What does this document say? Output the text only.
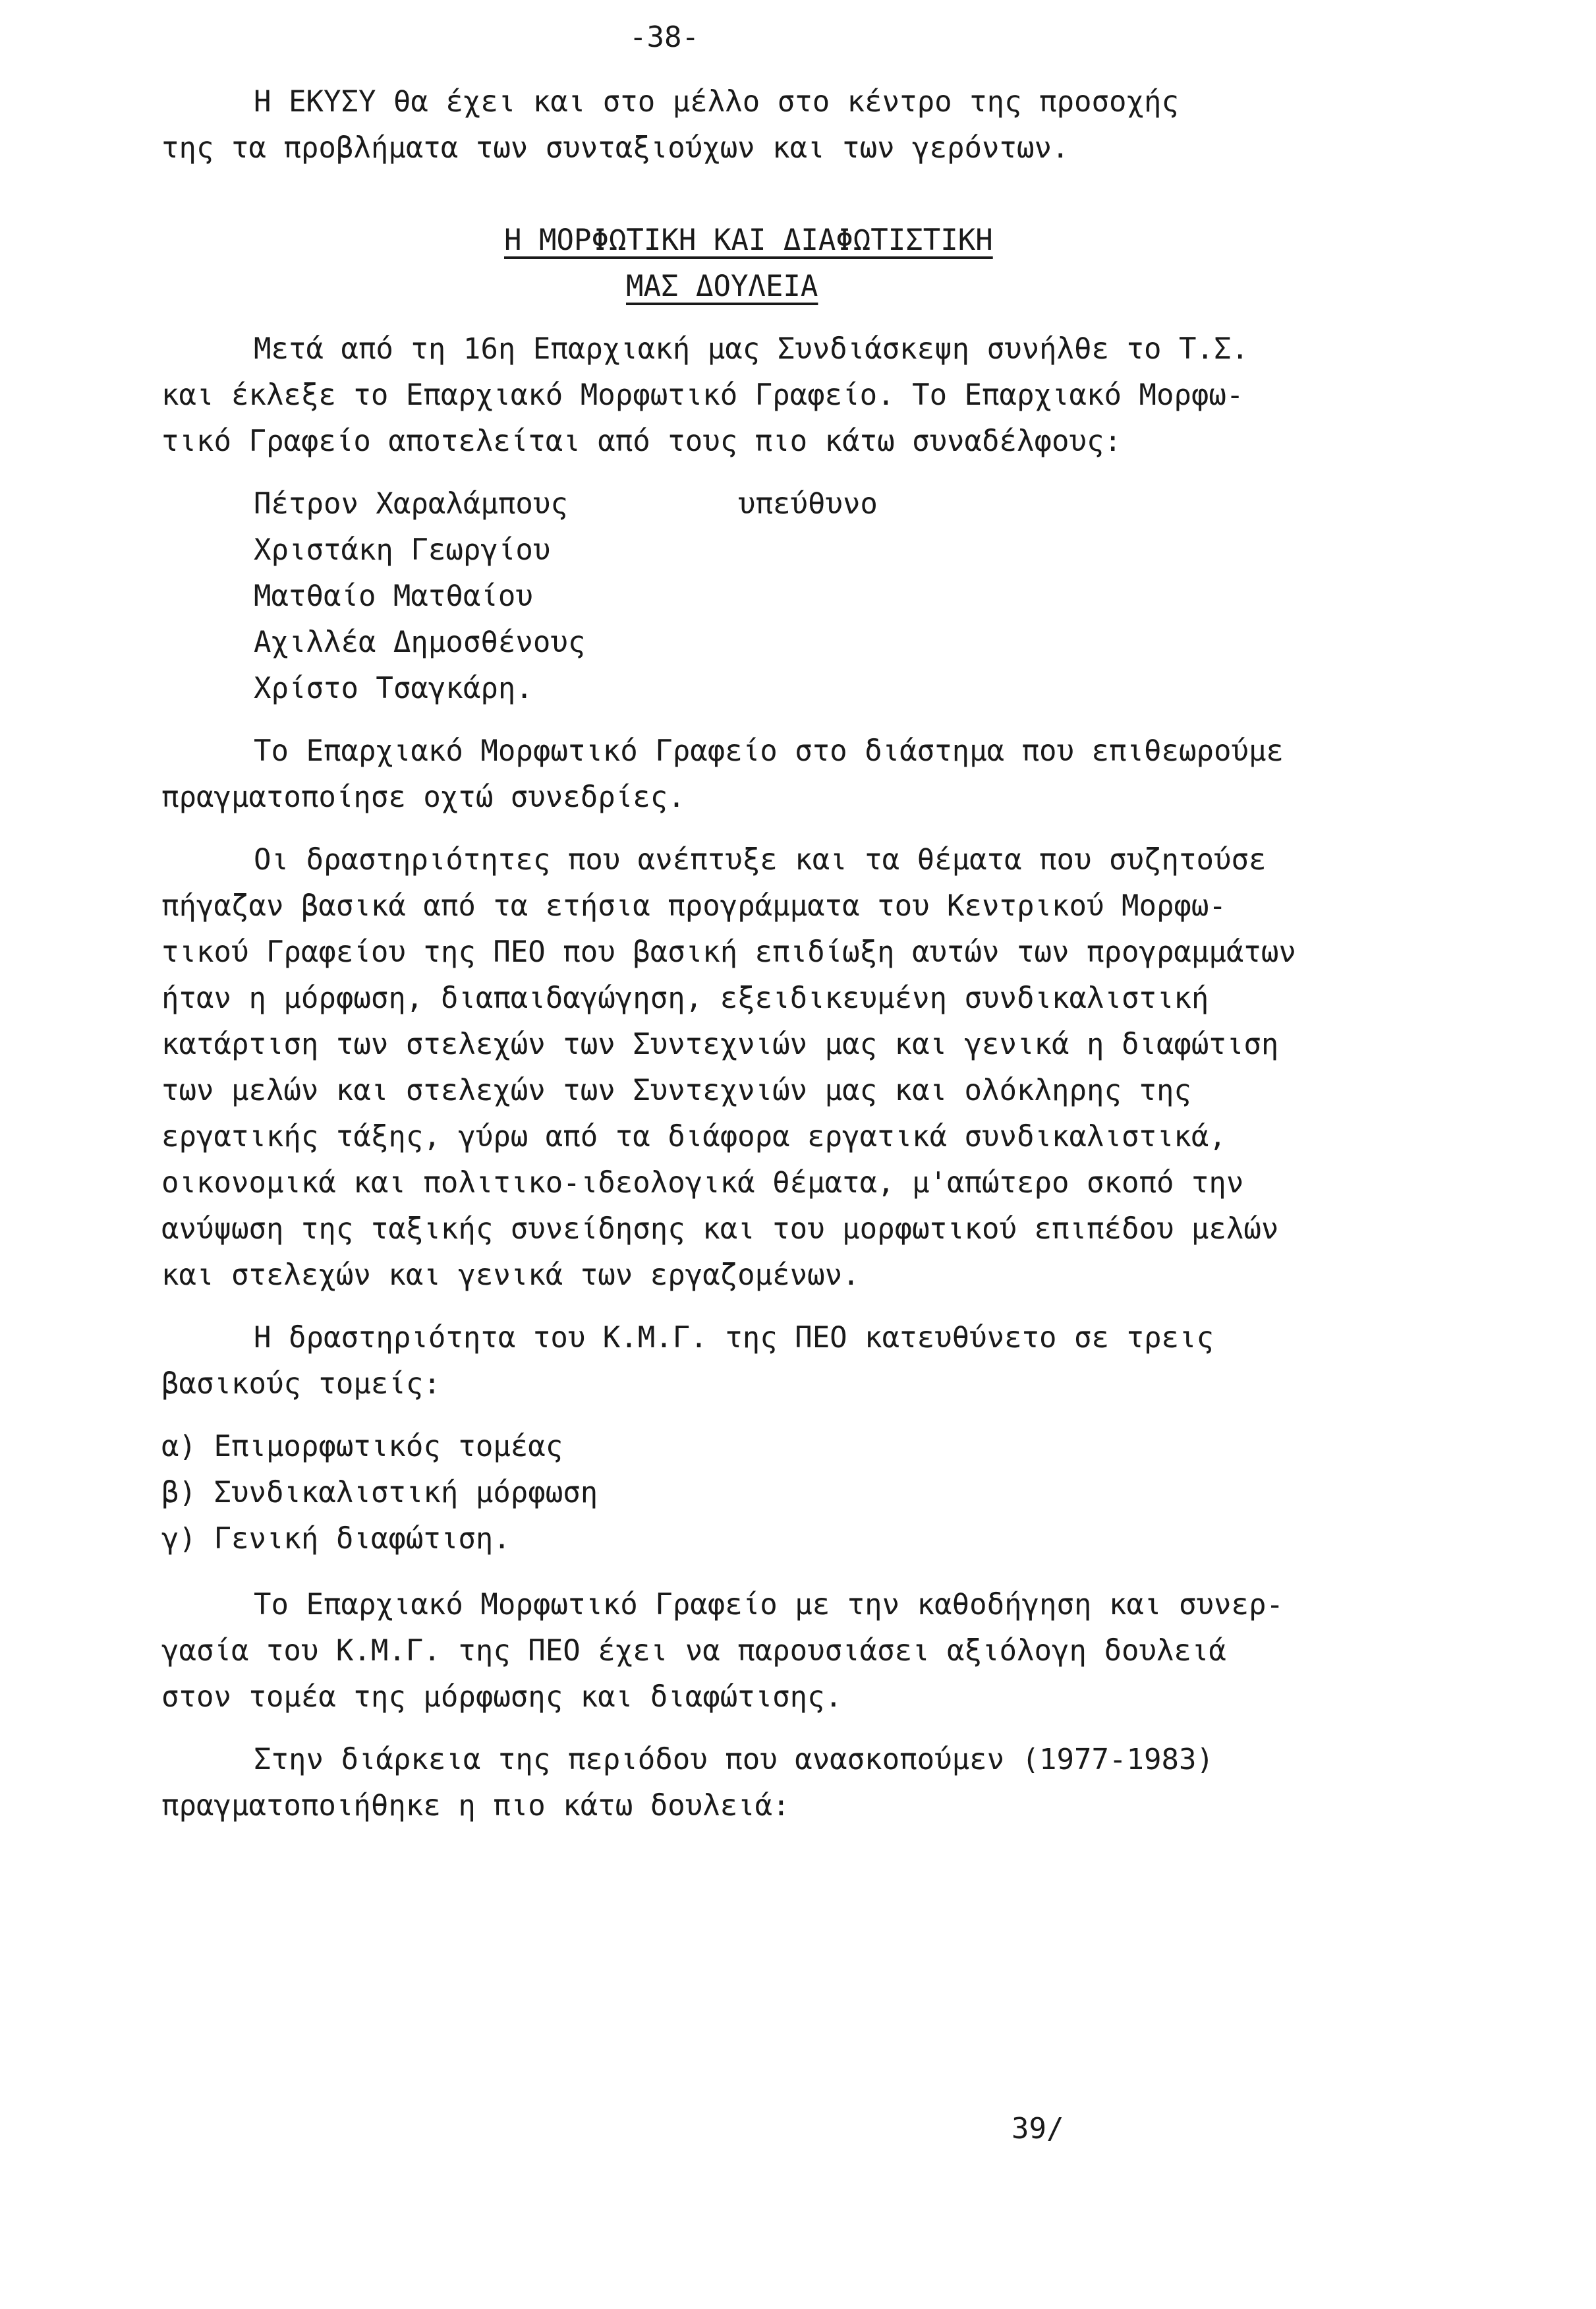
-38-
Η ΕΚΥΣΥ θα έχει και στο μέλλο στο κέντρο της προσοχής
της τα προβλήματα των συνταξιούχων και των γερόντων.
Η ΜΟΡΦΩΤΙΚΗ ΚΑΙ ΔΙΑΦΩΤΙΣΤΙΚΗ
ΜΑΣ ΔΟΥΛΕΙΑ
Μετά από τη 16η Επαρχιακή μας Συνδιάσκεψη συνήλθε το Τ.Σ.
και έκλεξε το Επαρχιακό Μορφωτικό Γραφείο. Το Επαρχιακό Μορφω-
τικό Γραφείο αποτελείται από τους πιο κάτω συναδέλφους:
Πέτρον Χαραλάμπους	υπεύθυνο
Χριστάκη Γεωργίου
Ματθαίο Ματθαίου
Αχιλλέα Δημοσθένους
Χρίστο Τσαγκάρη.
Το Επαρχιακό Μορφωτικό Γραφείο στο διάστημα που επιθεωρούμε
πραγματοποίησε οχτώ συνεδρίες.
Οι δραστηριότητες που ανέπτυξε και τα θέματα που συζητούσε
πήγαζαν βασικά από τα ετήσια προγράμματα του Κεντρικού Μορφω-
τικού Γραφείου της ΠΕΟ που βασική επιδίωξη αυτών των προγραμμάτων
ήταν η μόρφωση, διαπαιδαγώγηση, εξειδικευμένη συνδικαλιστική
κατάρτιση των στελεχών των Συντεχνιών μας και γενικά η διαφώτιση
των μελών και στελεχών των Συντεχνιών μας και ολόκληρης της
εργατικής τάξης, γύρω από τα διάφορα εργατικά συνδικαλιστικά,
οικονομικά και πολιτικο-ιδεολογικά θέματα, μ'απώτερο σκοπό την
ανύψωση της ταξικής συνείδησης και του μορφωτικού επιπέδου μελών
και στελεχών και γενικά των εργαζομένων.
Η δραστηριότητα του Κ.Μ.Γ. της ΠΕΟ κατευθύνετο σε τρεις
βασικούς τομείς:
α) Επιμορφωτικός τομέας
β) Συνδικαλιστική μόρφωση
γ) Γενική διαφώτιση.
Το Επαρχιακό Μορφωτικό Γραφείο με την καθοδήγηση και συνερ-
γασία του Κ.Μ.Γ. της ΠΕΟ έχει να παρουσιάσει αξιόλογη δουλειά
στον τομέα της μόρφωσης και διαφώτισης.
Στην διάρκεια της περιόδου που ανασκοπούμεν (1977-1983)
πραγματοποιήθηκε η πιο κάτω δουλειά:
39/
